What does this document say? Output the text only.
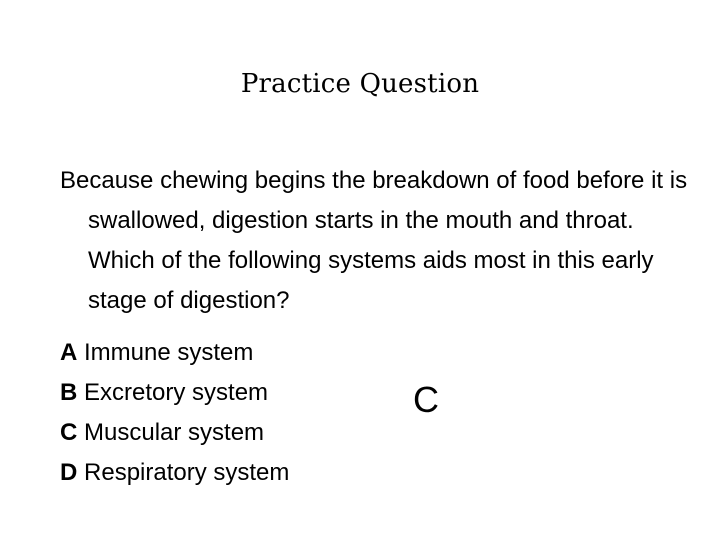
Practice Question

Because chewing begins the breakdown of food before it is swallowed, digestion starts in the mouth and throat. Which of the following systems aids most in this early stage of digestion?

A Immune system
B Excretory system
C Muscular system
D Respiratory system
C
